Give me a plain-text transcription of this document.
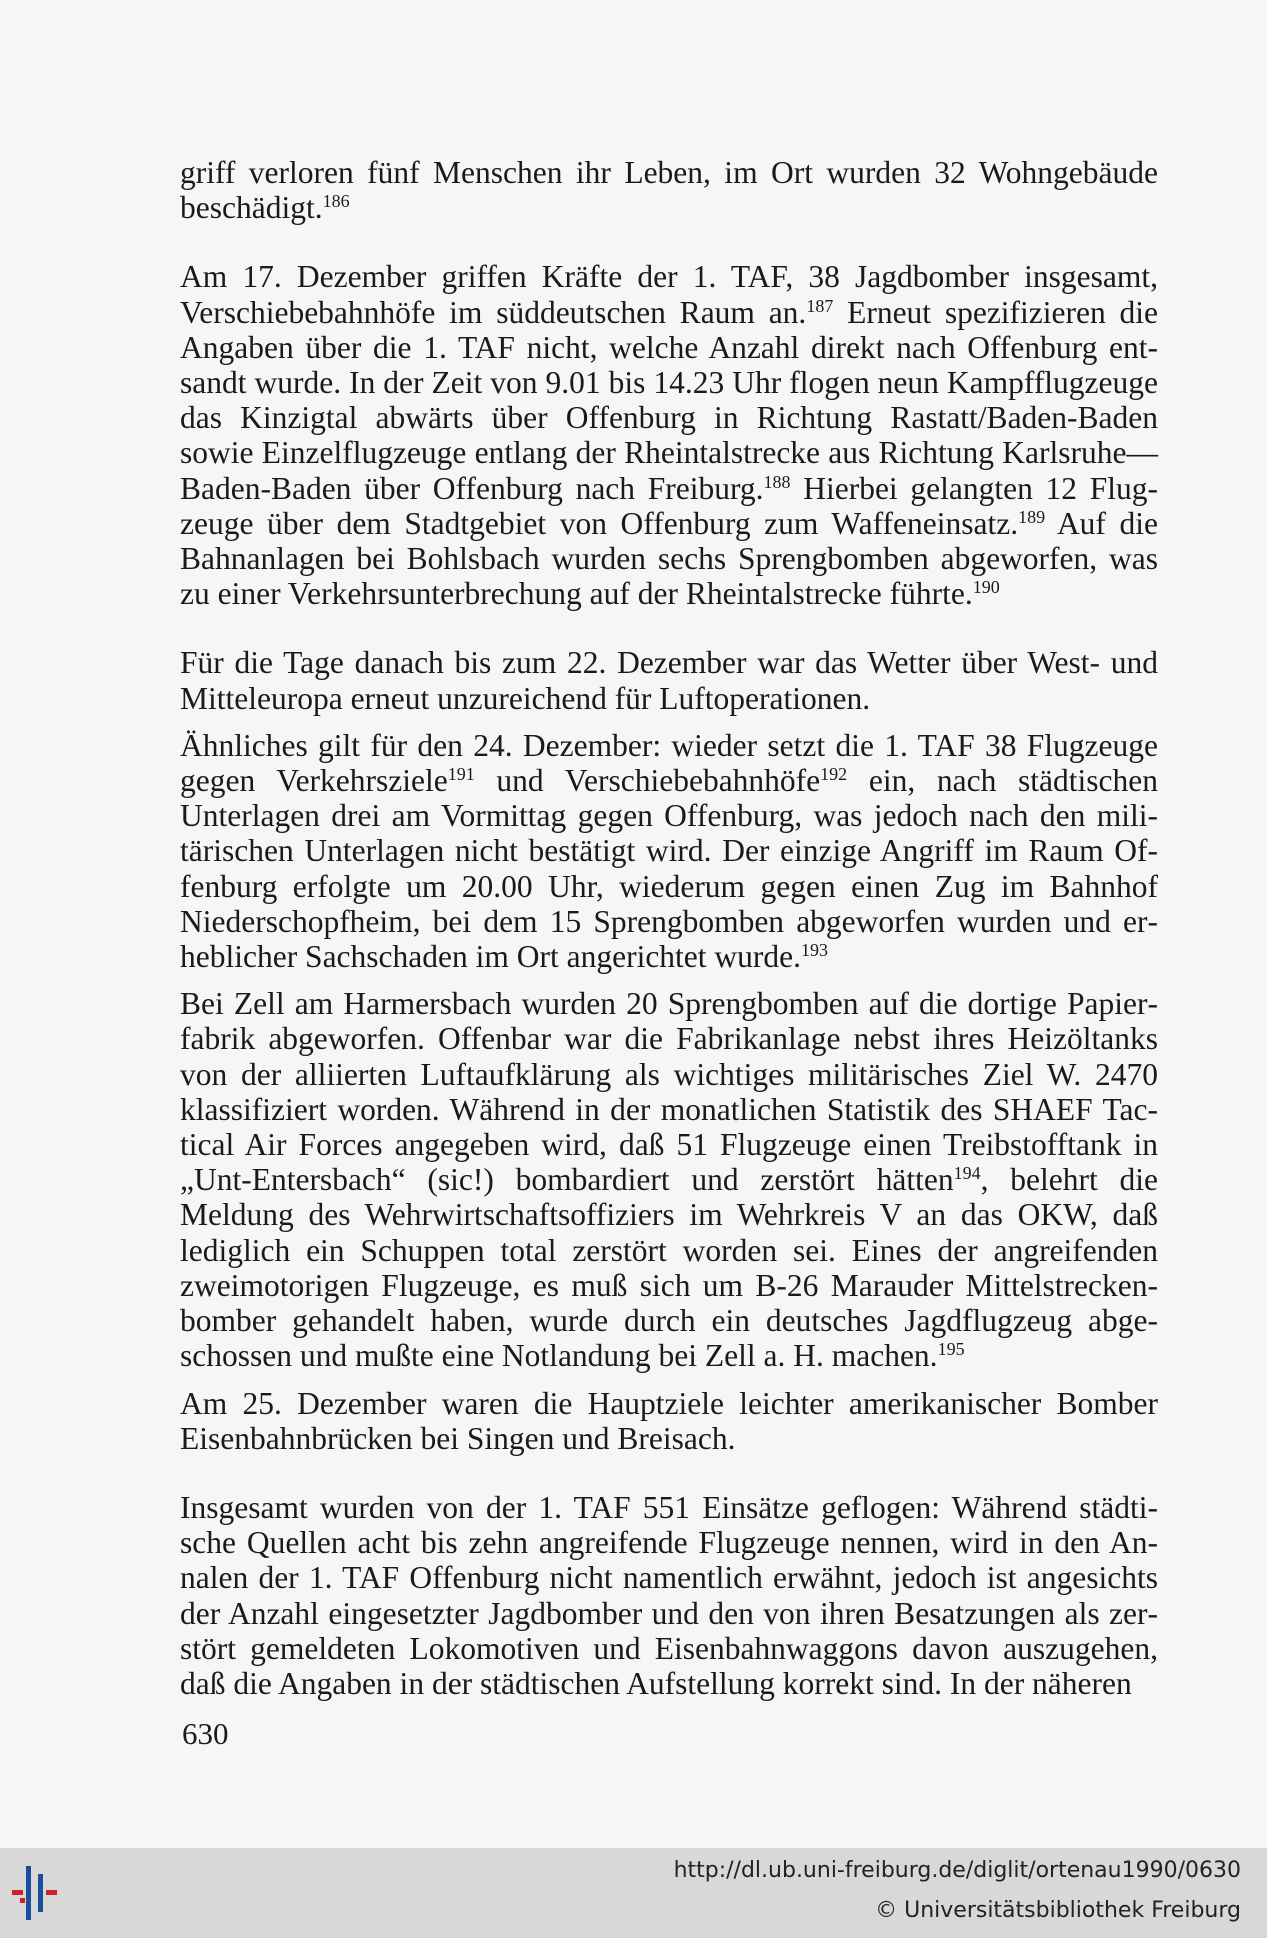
griff verloren fünf Menschen ihr Leben, im Ort wurden 32 Wohngebäude beschädigt.$^{186}$

Am 17. Dezember griffen Kräfte der 1. TAF, 38 Jagdbomber insgesamt, Verschiebebahnhöfe im süddeutschen Raum an.$^{187}$ Erneut spezifizieren die Angaben über die 1. TAF nicht, welche Anzahl direkt nach Offenburg entsandt wurde. In der Zeit von 9.01 bis 14.23 Uhr flogen neun Kampfflugzeuge das Kinzigtal abwärts über Offenburg in Richtung Rastatt/Baden-Baden sowie Einzelflugzeuge entlang der Rheintalstrecke aus Richtung Karlsruhe—Baden-Baden über Offenburg nach Freiburg.$^{188}$ Hierbei gelangten 12 Flugzeuge über dem Stadtgebiet von Offenburg zum Waffeneinsatz.$^{189}$ Auf die Bahnanlagen bei Bohlsbach wurden sechs Sprengbomben abgeworfen, was zu einer Verkehrsunterbrechung auf der Rheintalstrecke führte.$^{190}$

Für die Tage danach bis zum 22. Dezember war das Wetter über West- und Mitteleuropa erneut unzureichend für Luftoperationen.

Ähnliches gilt für den 24. Dezember: wieder setzt die 1. TAF 38 Flugzeuge gegen Verkehrsziele$^{191}$ und Verschiebebahnhöfe$^{192}$ ein, nach städtischen Unterlagen drei am Vormittag gegen Offenburg, was jedoch nach den militärischen Unterlagen nicht bestätigt wird. Der einzige Angriff im Raum Offenburg erfolgte um 20.00 Uhr, wiederum gegen einen Zug im Bahnhof Niederschopfheim, bei dem 15 Sprengbomben abgeworfen wurden und erheblicher Sachschaden im Ort angerichtet wurde.$^{193}$

Bei Zell am Harmersbach wurden 20 Sprengbomben auf die dortige Papierfabrik abgeworfen. Offenbar war die Fabrikanlage nebst ihres Heizöltanks von der alliierten Luftaufklärung als wichtiges militärisches Ziel W. 2470 klassifiziert worden. Während in der monatlichen Statistik des SHAEF Tactical Air Forces angegeben wird, daß 51 Flugzeuge einen Treibstofftank in „Unt-Entersbach“ (sic!) bombardiert und zerstört hätten$^{194}$, belehrt die Meldung des Wehrwirtschaftsoffiziers im Wehrkreis V an das OKW, daß lediglich ein Schuppen total zerstört worden sei. Eines der angreifenden zweimotorigen Flugzeuge, es muß sich um B-26 Marauder Mittelstreckenbomber gehandelt haben, wurde durch ein deutsches Jagdflugzeug abgeschossen und mußte eine Notlandung bei Zell a. H. machen.$^{195}$

Am 25. Dezember waren die Hauptziele leichter amerikanischer Bomber Eisenbahnbrücken bei Singen und Breisach.

Insgesamt wurden von der 1. TAF 551 Einsätze geflogen: Während städtische Quellen acht bis zehn angreifende Flugzeuge nennen, wird in den Annalen der 1. TAF Offenburg nicht namentlich erwähnt, jedoch ist angesichts der Anzahl eingesetzter Jagdbomber und den von ihren Besatzungen als zerstört gemeldeten Lokomotiven und Eisenbahnwaggons davon auszugehen, daß die Angaben in der städtischen Aufstellung korrekt sind. In der näheren

630
http://dl.ub.uni-freiburg.de/diglit/ortenau1990/0630
© Universitätsbibliothek Freiburg
